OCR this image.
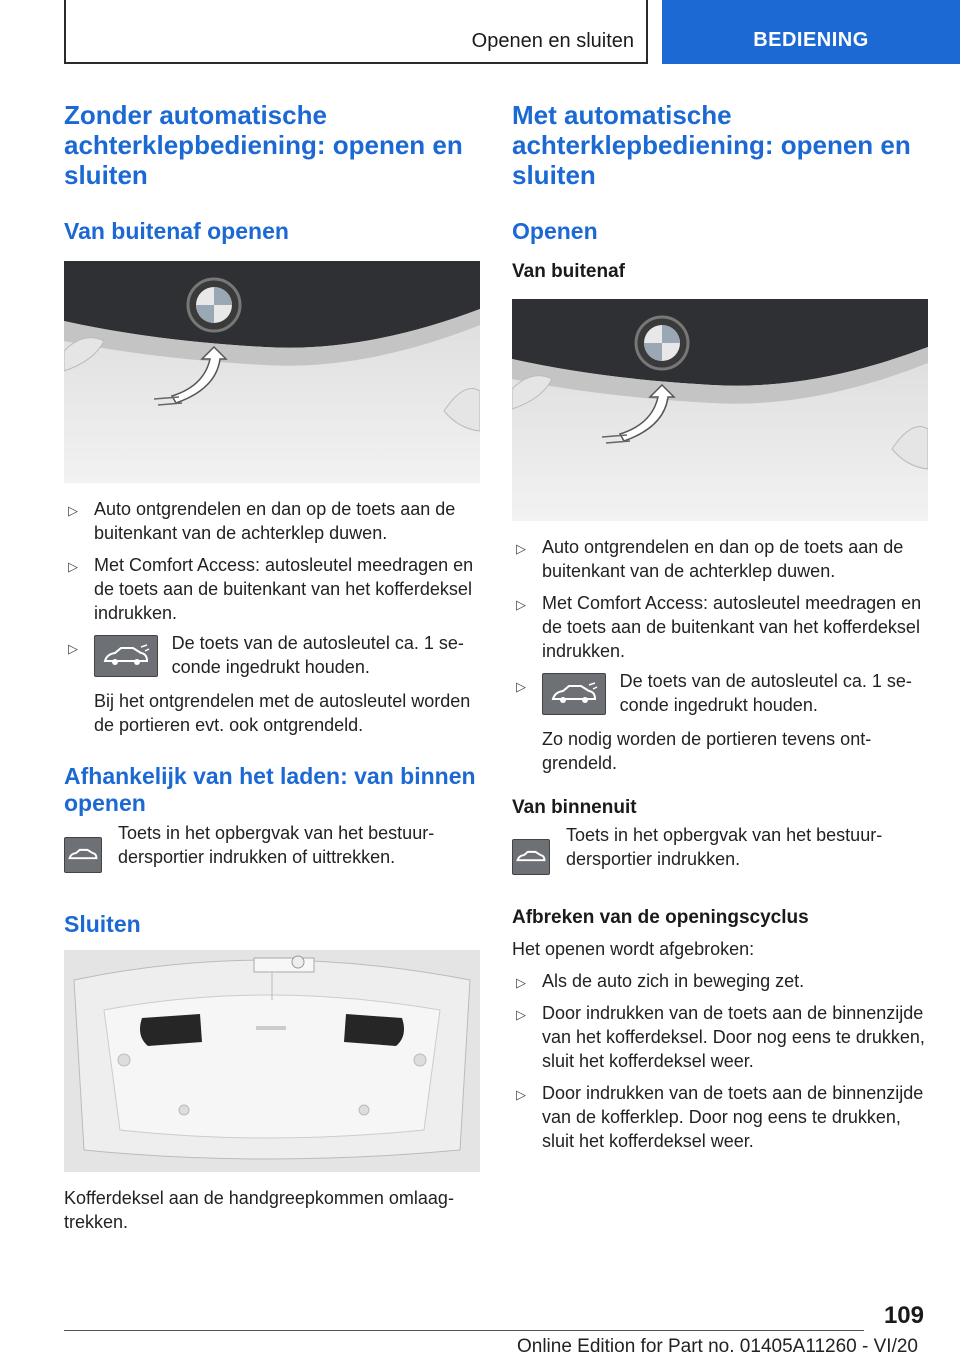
Openen en sluiten	BEDIENING
Zonder automatische achterklepbediening: openen en sluiten
Van buitenaf openen
▷ Auto ontgrendelen en dan op de toets aan de buitenkant van de achterklep duwen.
▷ Met Comfort Access: autosleutel meedragen en de toets aan de buitenkant van het kofferdeksel indrukken.
▷	De toets van de autosleutel ca. 1 seconde ingedrukt houden.

Bij het ontgrendelen met de autosleutel worden de portieren evt. ook ontgrendeld.

Afhankelijk van het laden: van binnen openen

Toets in het opbergvak van het bestuurdersportier indrukken of uittrekken.

Sluiten

Kofferdeksel aan de handgreepkommen omlaagtrekken.

Met automatische achterklepbediening: openen en sluiten
Openen
Van buitenaf
▷ Auto ontgrendelen en dan op de toets aan de buitenkant van de achterklep duwen.
▷ Met Comfort Access: autosleutel meedragen en de toets aan de buitenkant van het kofferdeksel indrukken.
▷	De toets van de autosleutel ca. 1 seconde ingedrukt houden.

Zo nodig worden de portieren tevens ontgrendeld.

Van binnenuit

Toets in het opbergvak van het bestuurdersportier indrukken.

Afbreken van de openingscyclus

Het openen wordt afgebroken:

▷ Als de auto zich in beweging zet.
▷ Door indrukken van de toets aan de binnenzijde van het kofferdeksel. Door nog eens te drukken, sluit het kofferdeksel weer.
▷ Door indrukken van de toets aan de binnenzijde van de kofferklep. Door nog eens te drukken, sluit het kofferdeksel weer.
109
Online Edition for Part no. 01405A11260 - VI/20
